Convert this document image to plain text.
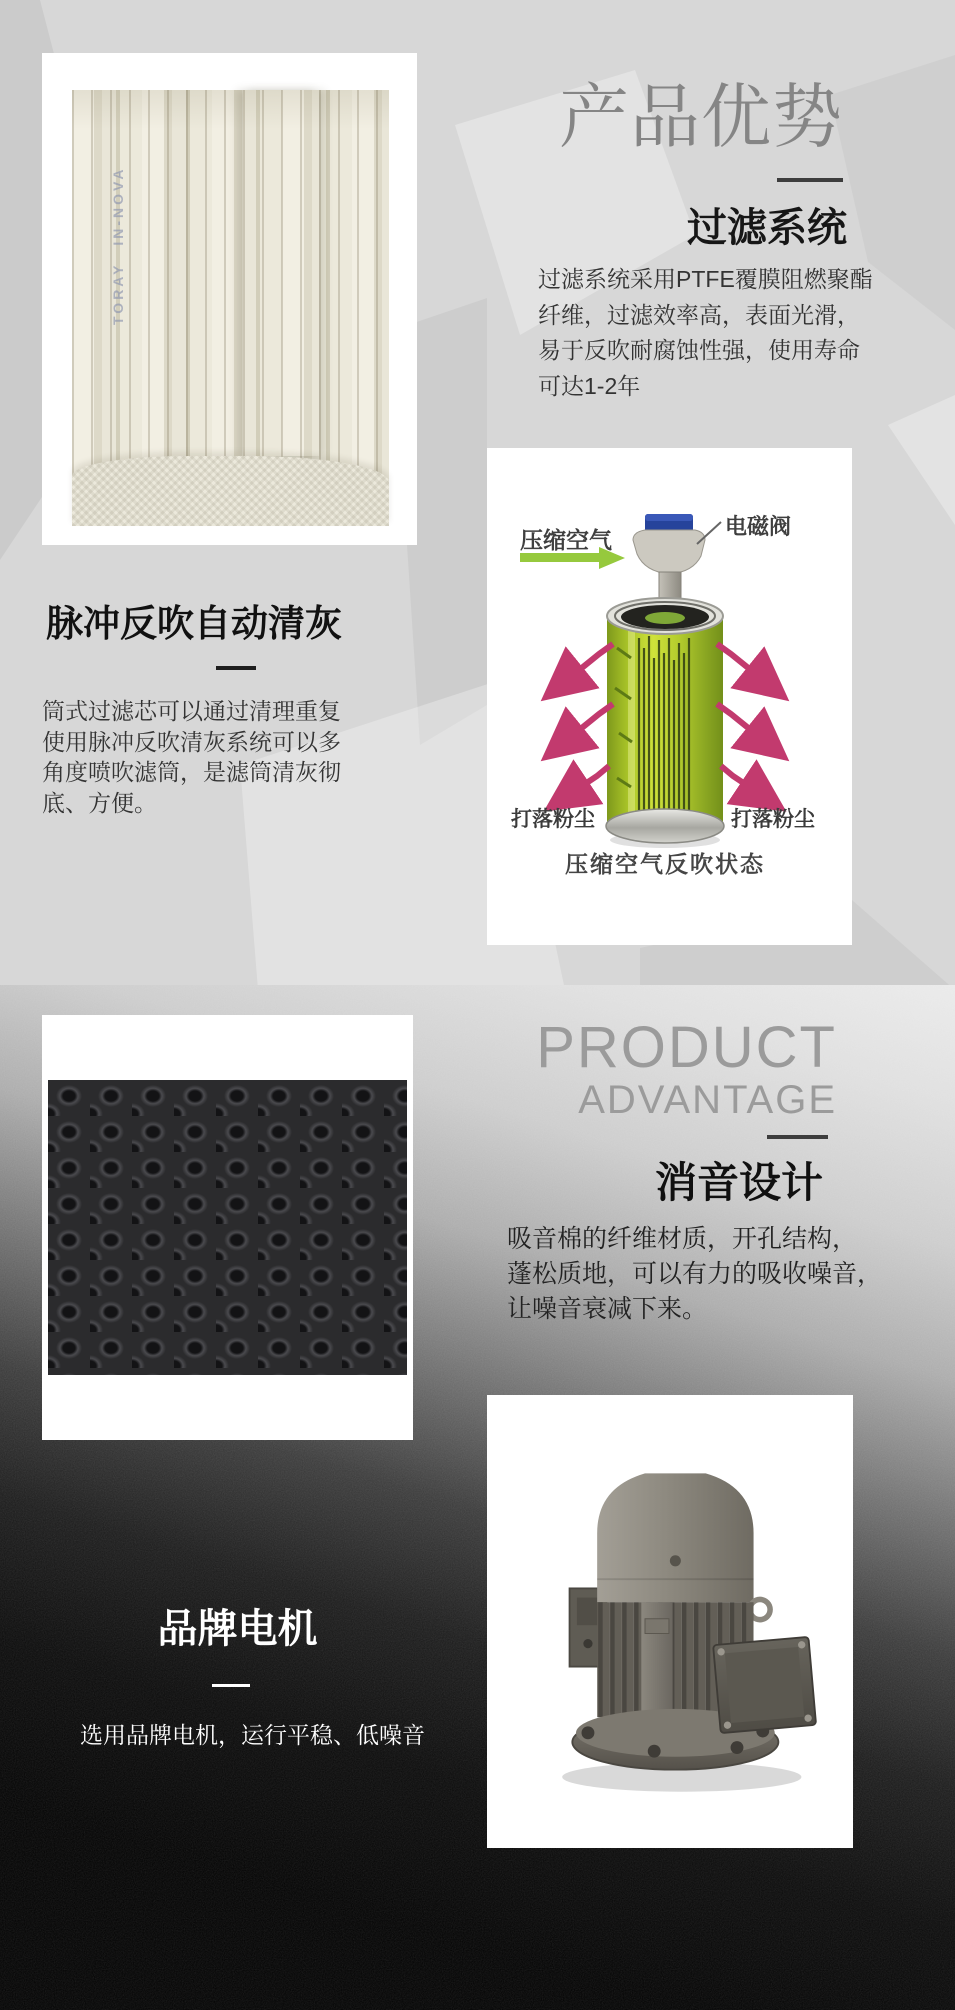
TORAY IN-NOVA
产品优势
过滤系统
过滤系统采用PTFE覆膜阻燃聚酯
纤维，过滤效率高，表面光滑，
易于反吹耐腐蚀性强，使用寿命
可达1-2年
脉冲反吹自动清灰
筒式过滤芯可以通过清理重复
使用脉冲反吹清灰系统可以多
角度喷吹滤筒，是滤筒清灰彻
底、方便。
压缩空气
电磁阀
打落粉尘	打落粉尘
压缩空气反吹状态
PRODUCT
ADVANTAGE
消音设计
吸音棉的纤维材质，开孔结构，
蓬松质地，可以有力的吸收噪音，
让噪音衰减下来。
品牌电机
选用品牌电机，运行平稳、低噪音
